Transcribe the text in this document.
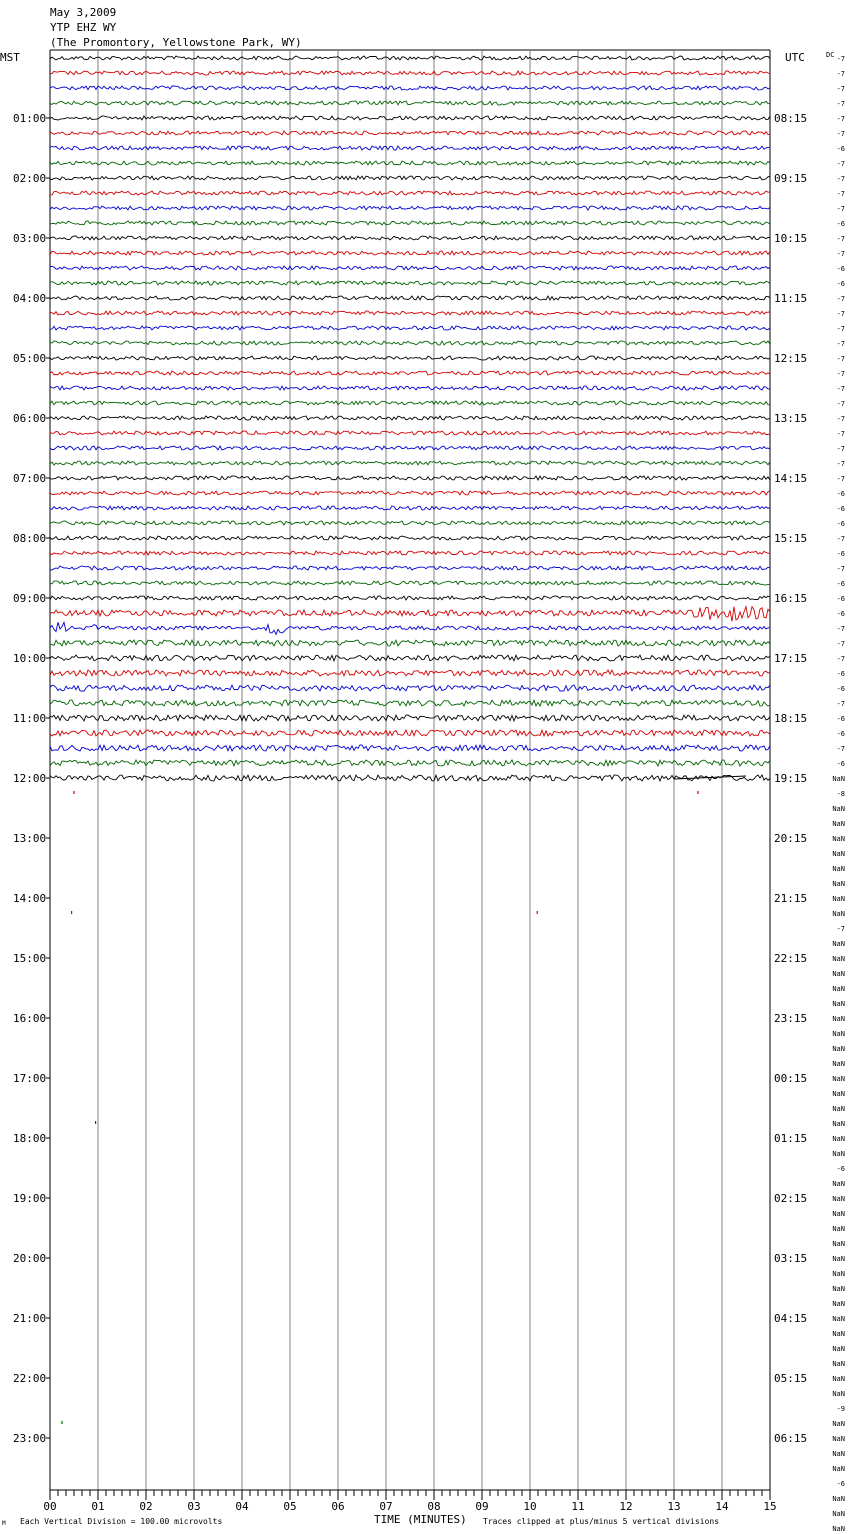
May 3,2009
YTP EHZ WY
(The Promontory, Yellowstone Park, WY)
MST	UTC	DC
01:00
02:00
03:00
04:00
05:00
06:00
07:00
08:00
09:00
10:00
11:00
12:00
13:00
14:00
15:00
16:00
17:00
18:00
19:00
20:00
21:00
22:00
23:00
08:15
09:15
10:15
11:15
12:15
13:15
14:15
15:15
16:15
17:15
18:15
19:15
20:15
21:15
22:15
23:15
00:15
01:15
02:15
03:15
04:15
05:15
06:15
-7
-7
-7
-7
-7
-7
-6
-7
-7
-7
-7
-6
-7
-7
-6
-6
-7
-7
-7
-7
-7
-7
-7
-7
-7
-7
-7
-7
-7
-6
-6
-6
-7
-6
-7
-6
-6
-6
-7
-7
-7
-6
-6
-7
-6
-6
-7
-6
NaN
-8
NaN
NaN
NaN
NaN
NaN
NaN
NaN
NaN
-7
NaN
NaN
NaN
NaN
NaN
NaN
NaN
NaN
NaN
NaN
NaN
NaN
NaN
NaN
NaN
-6
NaN
NaN
NaN
NaN
NaN
NaN
NaN
NaN
NaN
NaN
NaN
NaN
NaN
NaN
NaN
-9
NaN
NaN
NaN
NaN
-6
NaN
NaN
NaN
00	01	02	03	04	05	06	07	08	09	10	11	12	13	14	15
M Each Vertical Division = 100.00 microvolts	TIME (MINUTES) Traces clipped at plus/minus 5 vertical divisions
